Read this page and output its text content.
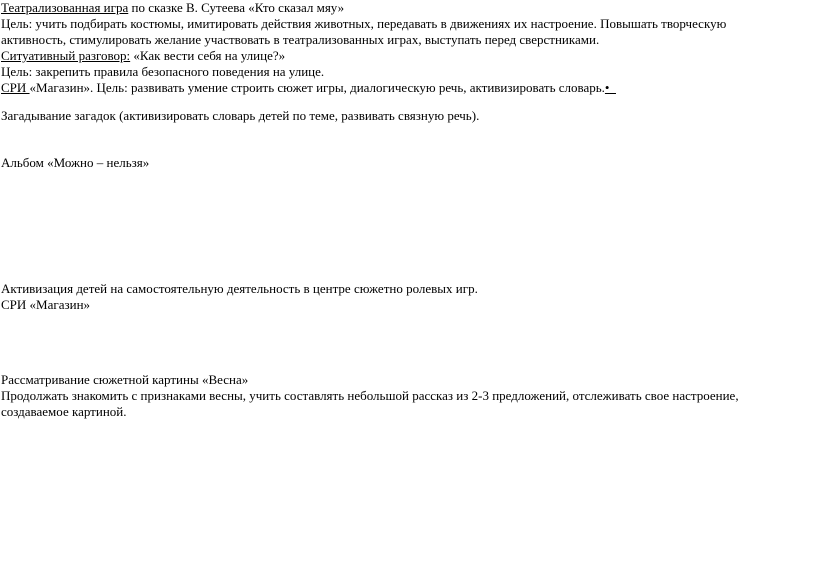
Театрализованная игра по сказке В. Сутеева «Кто сказал мяу»
Цель: учить подбирать костюмы, имитировать действия животных, передавать в движениях их настроение. Повышать творческую
активность, стимулировать желание участвовать в театрализованных играх, выступать перед сверстниками.
Ситуативный разговор: «Как вести себя на улице?»
Цель: закрепить правила безопасного поведения на улице.
СРИ «Магазин». Цель: развивать умение строить сюжет игры, диалогическую речь, активизировать словарь.•
Загадывание загадок (активизировать словарь детей по теме, развивать связную речь).
Альбом «Можно – нельзя»
Активизация детей на самостоятельную деятельность в центре сюжетно ролевых игр.
СРИ «Магазин»
Рассматривание сюжетной картины «Весна»
Продолжать знакомить с признаками весны, учить составлять небольшой рассказ из 2-3 предложений, отслеживать свое настроение,
создаваемое картиной.
